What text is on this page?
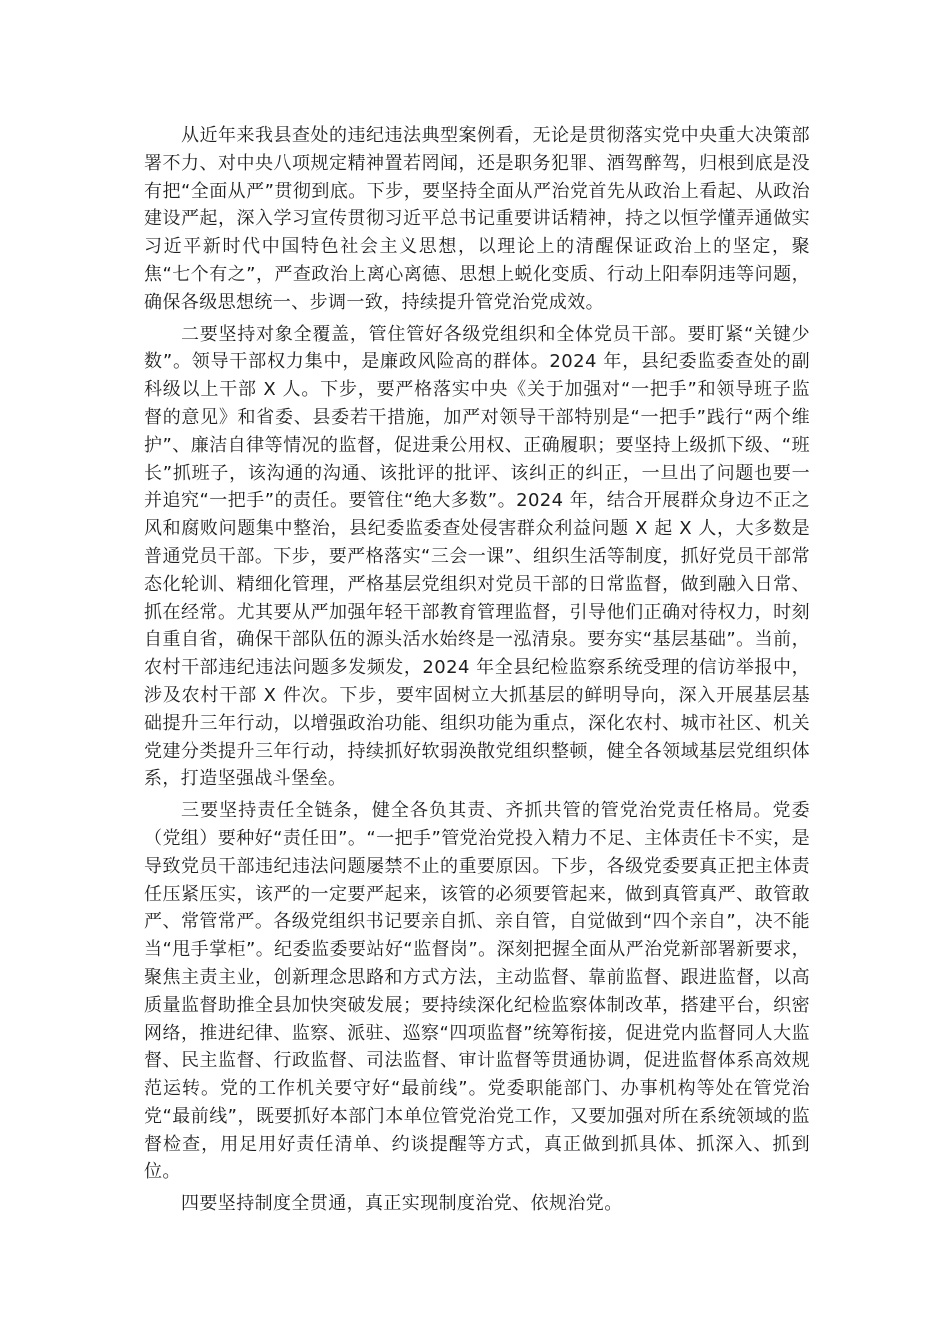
从近年来我县查处的违纪违法典型案例看，无论是贯彻落实党中央重大决策部署不力、对中央八项规定精神置若罔闻，还是职务犯罪、酒驾醉驾，归根到底是没有把“全面从严”贯彻到底。下步，要坚持全面从严治党首先从政治上看起、从政治建设严起，深入学习宣传贯彻习近平总书记重要讲话精神，持之以恒学懂弄通做实习近平新时代中国特色社会主义思想，以理论上的清醒保证政治上的坚定，聚焦“七个有之”，严查政治上离心离德、思想上蜕化变质、行动上阳奉阴违等问题，确保各级思想统一、步调一致，持续提升管党治党成效。

二要坚持对象全覆盖，管住管好各级党组织和全体党员干部。要盯紧“关键少数”。领导干部权力集中，是廉政风险高的群体。2024 年，县纪委监委查处的副科级以上干部 X 人。下步，要严格落实中央《关于加强对“一把手”和领导班子监督的意见》和省委、县委若干措施，加严对领导干部特别是“一把手”践行“两个维护”、廉洁自律等情况的监督，促进秉公用权、正确履职；要坚持上级抓下级、“班长”抓班子，该沟通的沟通、该批评的批评、该纠正的纠正，一旦出了问题也要一并追究“一把手”的责任。要管住“绝大多数”。2024 年，结合开展群众身边不正之风和腐败问题集中整治，县纪委监委查处侵害群众利益问题 X 起 X 人，大多数是普通党员干部。下步，要严格落实“三会一课”、组织生活等制度，抓好党员干部常态化轮训、精细化管理，严格基层党组织对党员干部的日常监督，做到融入日常、抓在经常。尤其要从严加强年轻干部教育管理监督，引导他们正确对待权力，时刻自重自省，确保干部队伍的源头活水始终是一泓清泉。要夯实“基层基础”。当前，农村干部违纪违法问题多发频发，2024 年全县纪检监察系统受理的信访举报中，涉及农村干部 X 件次。下步，要牢固树立大抓基层的鲜明导向，深入开展基层基础提升三年行动，以增强政治功能、组织功能为重点，深化农村、城市社区、机关党建分类提升三年行动，持续抓好软弱涣散党组织整顿，健全各领域基层党组织体系，打造坚强战斗堡垒。

三要坚持责任全链条，健全各负其责、齐抓共管的管党治党责任格局。党委（党组）要种好“责任田”。“一把手”管党治党投入精力不足、主体责任卡不实，是导致党员干部违纪违法问题屡禁不止的重要原因。下步，各级党委要真正把主体责任压紧压实，该严的一定要严起来，该管的必须要管起来，做到真管真严、敢管敢严、常管常严。各级党组织书记要亲自抓、亲自管，自觉做到“四个亲自”，决不能当“甩手掌柜”。纪委监委要站好“监督岗”。深刻把握全面从严治党新部署新要求，聚焦主责主业，创新理念思路和方式方法，主动监督、靠前监督、跟进监督，以高质量监督助推全县加快突破发展；要持续深化纪检监察体制改革，搭建平台，织密网络，推进纪律、监察、派驻、巡察“四项监督”统筹衔接，促进党内监督同人大监督、民主监督、行政监督、司法监督、审计监督等贯通协调，促进监督体系高效规范运转。党的工作机关要守好“最前线”。党委职能部门、办事机构等处在管党治党“最前线”，既要抓好本部门本单位管党治党工作，又要加强对所在系统领域的监督检查，用足用好责任清单、约谈提醒等方式，真正做到抓具体、抓深入、抓到位。

四要坚持制度全贯通，真正实现制度治党、依规治党。
